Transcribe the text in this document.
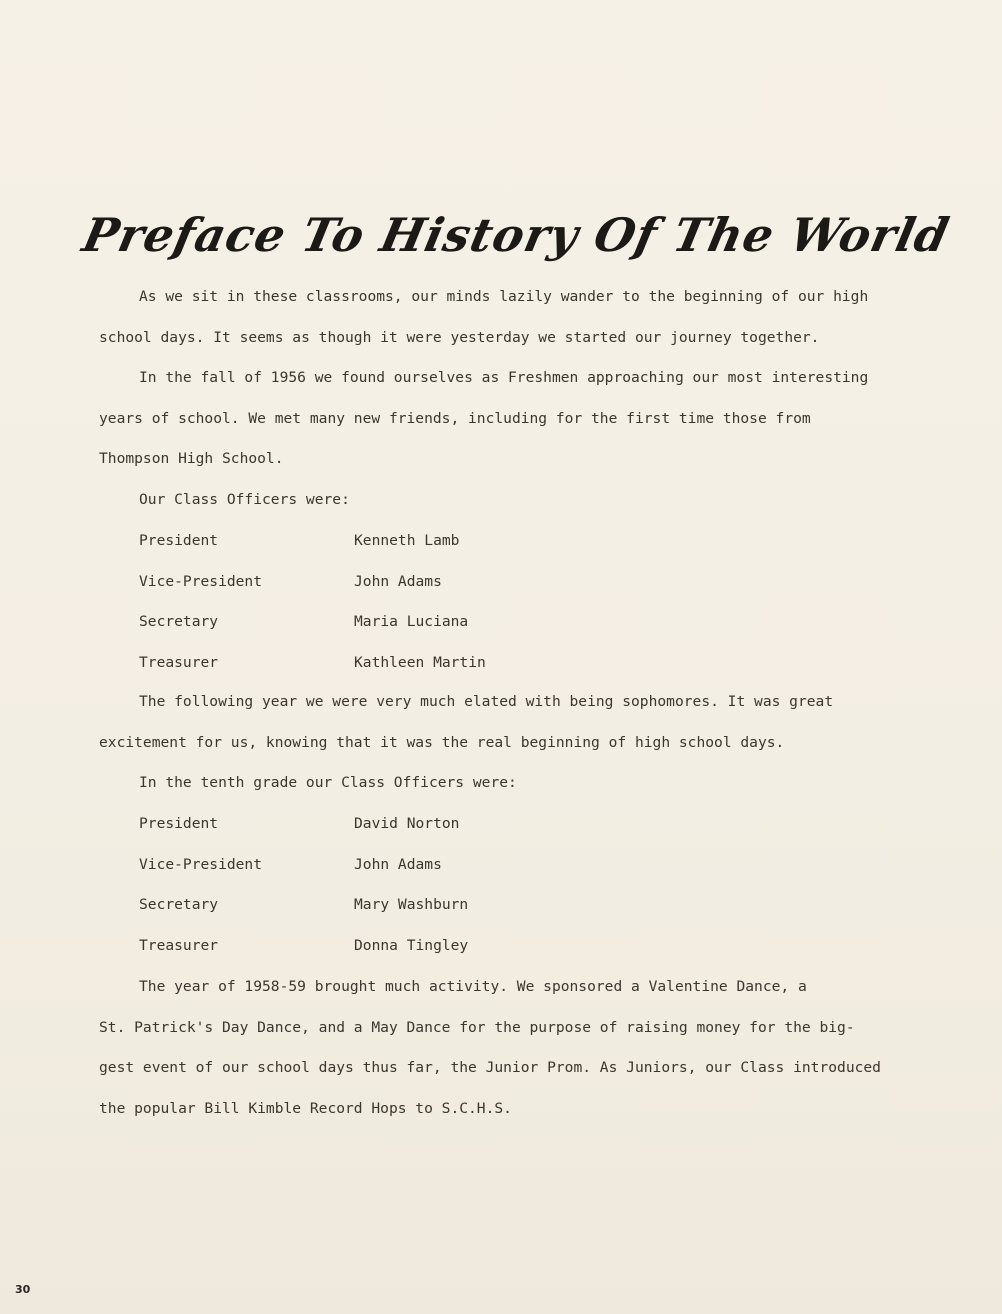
Preface To History Of The World
As we sit in these classrooms, our minds lazily wander to the beginning of our high
school days. It seems as though it were yesterday we started our journey together.
In the fall of 1956 we found ourselves as Freshmen approaching our most interesting
years of school. We met many new friends, including for the first time those from
Thompson High School.
Our Class Officers were:
President	Kenneth Lamb
Vice-President	John Adams
Secretary	Maria Luciana
Treasurer	Kathleen Martin
The following year we were very much elated with being sophomores. It was great
excitement for us, knowing that it was the real beginning of high school days.
In the tenth grade our Class Officers were:
President	David Norton
Vice-President	John Adams
Secretary	Mary Washburn
Treasurer	Donna Tingley
The year of 1958-59 brought much activity. We sponsored a Valentine Dance, a
St. Patrick's Day Dance, and a May Dance for the purpose of raising money for the big-
gest event of our school days thus far, the Junior Prom. As Juniors, our Class introduced
the popular Bill Kimble Record Hops to S.C.H.S.
30
